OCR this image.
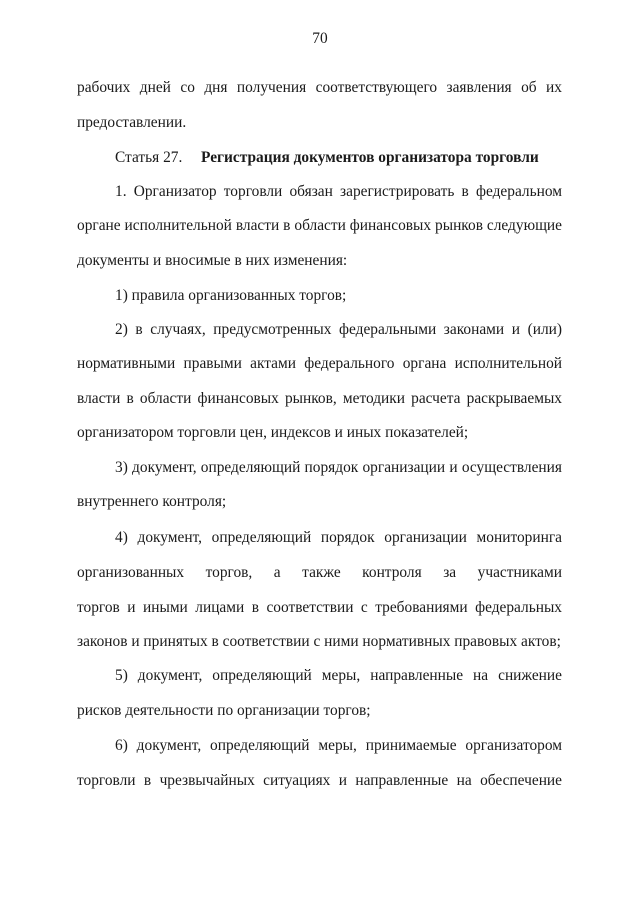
70
рабочих дней со дня получения соответствующего заявления об их
предоставлении.
Статья 27. Регистрация документов организатора торговли
1. Организатор торговли обязан зарегистрировать в федеральном
органе исполнительной власти в области финансовых рынков следующие
документы и вносимые в них изменения:
1) правила организованных торгов;
2) в случаях, предусмотренных федеральными законами и (или)
нормативными правыми актами федерального органа исполнительной
власти в области финансовых рынков, методики расчета раскрываемых
организатором торговли цен, индексов и иных показателей;
3) документ, определяющий порядок организации и осуществления
внутреннего контроля;
4) документ, определяющий порядок организации мониторинга
организованных торгов, а также контроля за участниками
торгов и иными лицами в соответствии с требованиями федеральных
законов и принятых в соответствии с ними нормативных правовых актов;
5) документ, определяющий меры, направленные на снижение
рисков деятельности по организации торгов;
6) документ, определяющий меры, принимаемые организатором
торговли в чрезвычайных ситуациях и направленные на обеспечение
